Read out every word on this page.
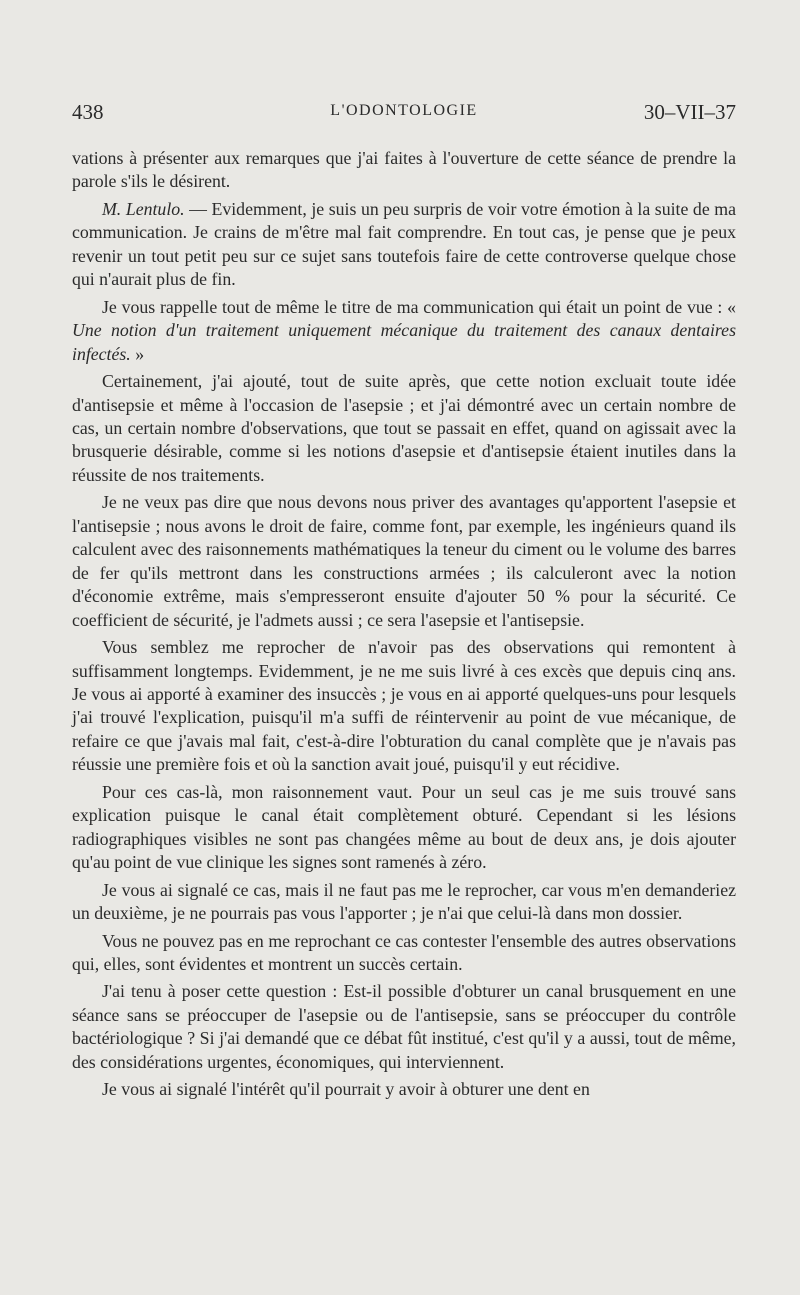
438	L'ODONTOLOGIE	30–VII–37

vations à présenter aux remarques que j'ai faites à l'ouverture de cette séance de prendre la parole s'ils le désirent.

M. Lentulo. — Evidemment, je suis un peu surpris de voir votre émotion à la suite de ma communication. Je crains de m'être mal fait comprendre. En tout cas, je pense que je peux revenir un tout petit peu sur ce sujet sans toutefois faire de cette controverse quelque chose qui n'aurait plus de fin.

Je vous rappelle tout de même le titre de ma communication qui était un point de vue : « Une notion d'un traitement uniquement mécanique du traitement des canaux dentaires infectés. »

Certainement, j'ai ajouté, tout de suite après, que cette notion excluait toute idée d'antisepsie et même à l'occasion de l'asepsie ; et j'ai démontré avec un certain nombre de cas, un certain nombre d'observations, que tout se passait en effet, quand on agissait avec la brusquerie désirable, comme si les notions d'asepsie et d'antisepsie étaient inutiles dans la réussite de nos traitements.

Je ne veux pas dire que nous devons nous priver des avantages qu'apportent l'asepsie et l'antisepsie ; nous avons le droit de faire, comme font, par exemple, les ingénieurs quand ils calculent avec des raisonnements mathématiques la teneur du ciment ou le volume des barres de fer qu'ils mettront dans les constructions armées ; ils calculeront avec la notion d'économie extrême, mais s'empresseront ensuite d'ajouter 50 % pour la sécurité. Ce coefficient de sécurité, je l'admets aussi ; ce sera l'asepsie et l'antisepsie.

Vous semblez me reprocher de n'avoir pas des observations qui remontent à suffisamment longtemps. Evidemment, je ne me suis livré à ces excès que depuis cinq ans. Je vous ai apporté à examiner des insuccès ; je vous en ai apporté quelques-uns pour lesquels j'ai trouvé l'explication, puisqu'il m'a suffi de réintervenir au point de vue mécanique, de refaire ce que j'avais mal fait, c'est-à-dire l'obturation du canal complète que je n'avais pas réussie une première fois et où la sanction avait joué, puisqu'il y eut récidive.

Pour ces cas-là, mon raisonnement vaut. Pour un seul cas je me suis trouvé sans explication puisque le canal était complètement obturé. Cependant si les lésions radiographiques visibles ne sont pas changées même au bout de deux ans, je dois ajouter qu'au point de vue clinique les signes sont ramenés à zéro.

Je vous ai signalé ce cas, mais il ne faut pas me le reprocher, car vous m'en demanderiez un deuxième, je ne pourrais pas vous l'apporter ; je n'ai que celui-là dans mon dossier.

Vous ne pouvez pas en me reprochant ce cas contester l'ensemble des autres observations qui, elles, sont évidentes et montrent un succès certain.

J'ai tenu à poser cette question : Est-il possible d'obturer un canal brusquement en une séance sans se préoccuper de l'asepsie ou de l'antisepsie, sans se préoccuper du contrôle bactériologique ? Si j'ai demandé que ce débat fût institué, c'est qu'il y a aussi, tout de même, des considérations urgentes, économiques, qui interviennent.

Je vous ai signalé l'intérêt qu'il pourrait y avoir à obturer une dent en
